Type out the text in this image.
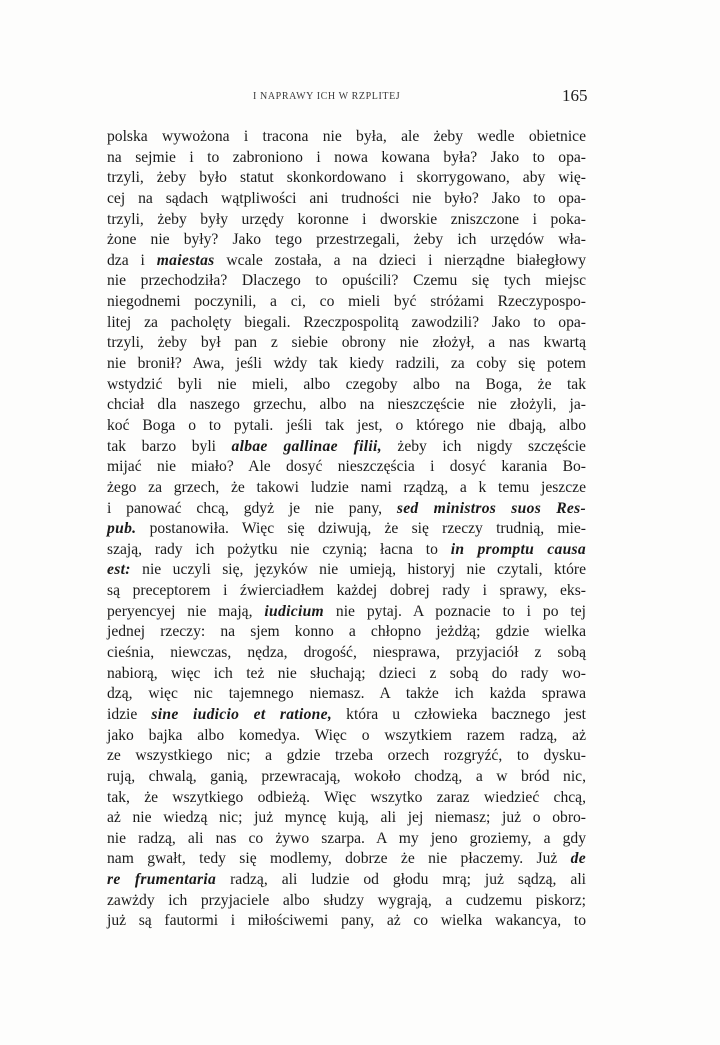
I NAPRAWY ICH W RZPLITEJ	165
polska wywożona i tracona nie była, ale żeby wedle obietnice
na sejmie i to zabroniono i nowa kowana była? Jako to opa-
trzyli, żeby było statut skonkordowano i skorrygowano, aby wię-
cej na sądach wątpliwości ani trudności nie było? Jako to opa-
trzyli, żeby były urzędy koronne i dworskie zniszczone i poka-
żone nie były? Jako tego przestrzegali, żeby ich urzędów wła-
dza i maiestas wcale została, a na dzieci i nierządne białegłowy
nie przechodziła? Dlaczego to opuścili? Czemu się tych miejsc
niegodnemi poczynili, a ci, co mieli być stróżami Rzeczypospo-
litej za pacholęty biegali. Rzeczpospolitą zawodzili? Jako to opa-
trzyli, żeby był pan z siebie obrony nie złożył, a nas kwartą
nie bronił? Awa, jeśli wżdy tak kiedy radzili, za coby się potem
wstydzić byli nie mieli, albo czegoby albo na Boga, że tak
chciał dla naszego grzechu, albo na nieszczęście nie złożyli, ja-
koć Boga o to pytali. jeśli tak jest, o którego nie dbają, albo
tak barzo byli albae gallinae filii, żeby ich nigdy szczęście
mijać nie miało? Ale dosyć nieszczęścia i dosyć karania Bo-
żego za grzech, że takowi ludzie nami rządzą, a k temu jeszcze
i panować chcą, gdyż je nie pany, sed ministros suos Res-
pub. postanowiła. Więc się dziwują, że się rzeczy trudnią, mie-
szają, rady ich pożytku nie czynią; łacna to in promptu causa
est: nie uczyli się, języków nie umieją, historyj nie czytali, które
są preceptorem i źwierciadłem każdej dobrej rady i sprawy, eks-
peryencyej nie mają, iudicium nie pytaj. A poznacie to i po tej
jednej rzeczy: na sjem konno a chłopno jeżdżą; gdzie wielka
cieśnia, niewczas, nędza, drogość, niesprawa, przyjaciół z sobą
nabiorą, więc ich też nie słuchają; dzieci z sobą do rady wo-
dzą, więc nic tajemnego niemasz. A także ich każda sprawa
idzie sine iudicio et ratione, która u człowieka bacznego jest
jako bajka albo komedya. Więc o wszytkiem razem radzą, aż
ze wszystkiego nic; a gdzie trzeba orzech rozgryźć, to dysku-
rują, chwalą, ganią, przewracają, wokoło chodzą, a w bród nic,
tak, że wszytkiego odbieżą. Więc wszytko zaraz wiedzieć chcą,
aż nie wiedzą nic; już myncę kują, ali jej niemasz; już o obro-
nie radzą, ali nas co żywo szarpa. A my jeno groziemy, a gdy
nam gwałt, tedy się modlemy, dobrze że nie płaczemy. Już de
re frumentaria radzą, ali ludzie od głodu mrą; już sądzą, ali
zawżdy ich przyjaciele albo słudzy wygrają, a cudzemu piskorz;
już są fautormi i miłościwemi pany, aż co wielka wakancya, to
